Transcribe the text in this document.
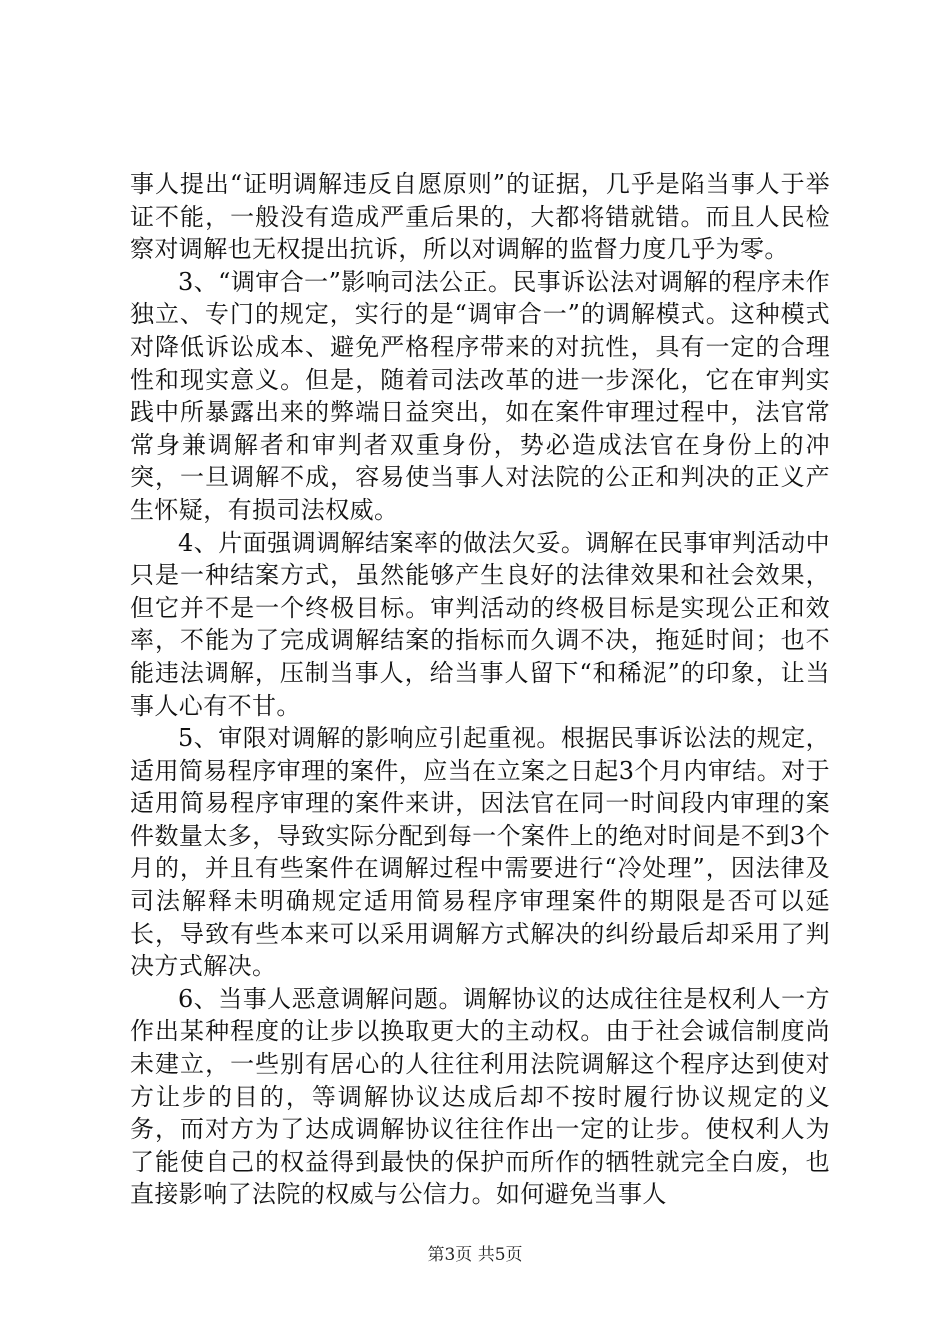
事人提出“证明调解违反自愿原则”的证据，几乎是陷当事人于举证不能，一般没有造成严重后果的，大都将错就错。而且人民检察对调解也无权提出抗诉，所以对调解的监督力度几乎为零。

3、“调审合一”影响司法公正。民事诉讼法对调解的程序未作独立、专门的规定，实行的是“调审合一”的调解模式。这种模式对降低诉讼成本、避免严格程序带来的对抗性，具有一定的合理性和现实意义。但是，随着司法改革的进一步深化，它在审判实践中所暴露出来的弊端日益突出，如在案件审理过程中，法官常常身兼调解者和审判者双重身份，势必造成法官在身份上的冲突，一旦调解不成，容易使当事人对法院的公正和判决的正义产生怀疑，有损司法权威。

4、片面强调调解结案率的做法欠妥。调解在民事审判活动中只是一种结案方式，虽然能够产生良好的法律效果和社会效果，但它并不是一个终极目标。审判活动的终极目标是实现公正和效率，不能为了完成调解结案的指标而久调不决，拖延时间；也不能违法调解，压制当事人，给当事人留下“和稀泥”的印象，让当事人心有不甘。

5、审限对调解的影响应引起重视。根据民事诉讼法的规定，适用简易程序审理的案件，应当在立案之日起3个月内审结。对于适用简易程序审理的案件来讲，因法官在同一时间段内审理的案件数量太多，导致实际分配到每一个案件上的绝对时间是不到3个月的，并且有些案件在调解过程中需要进行“冷处理”，因法律及司法解释未明确规定适用简易程序审理案件的期限是否可以延长，导致有些本来可以采用调解方式解决的纠纷最后却采用了判决方式解决。

6、当事人恶意调解问题。调解协议的达成往往是权利人一方作出某种程度的让步以换取更大的主动权。由于社会诚信制度尚未建立，一些别有居心的人往往利用法院调解这个程序达到使对方让步的目的，等调解协议达成后却不按时履行协议规定的义务，而对方为了达成调解协议往往作出一定的让步。使权利人为了能使自己的权益得到最快的保护而所作的牺牲就完全白废，也直接影响了法院的权威与公信力。如何避免当事人

第3页 共5页
